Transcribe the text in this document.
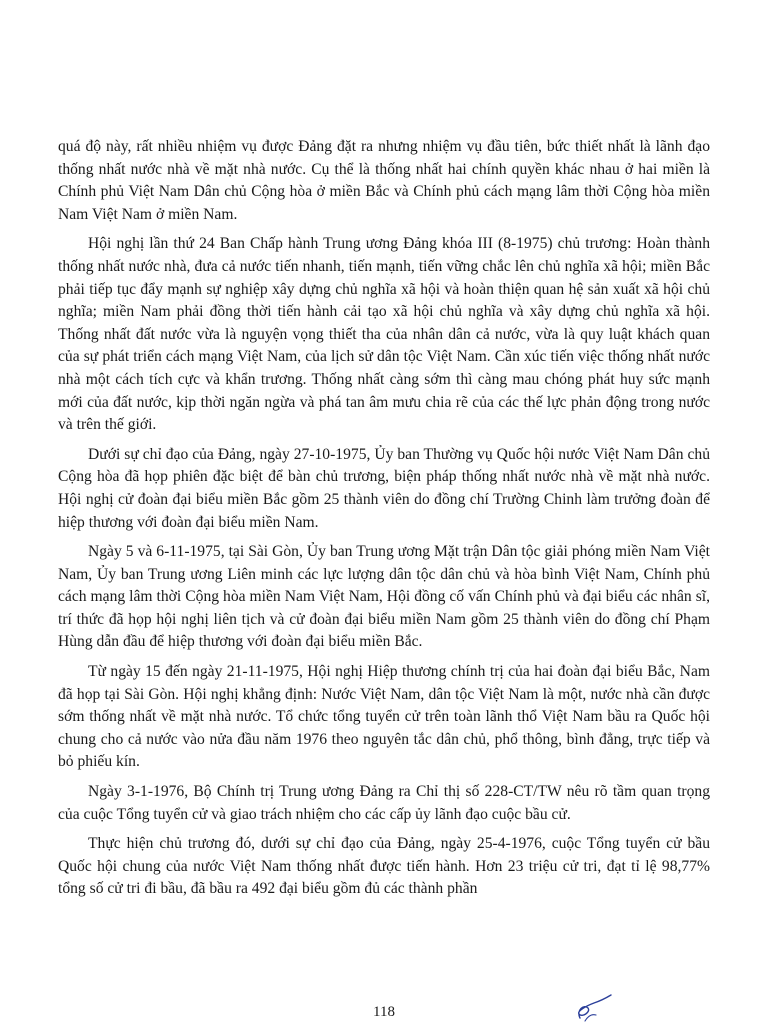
quá độ này, rất nhiều nhiệm vụ được Đảng đặt ra nhưng nhiệm vụ đầu tiên, bức thiết nhất là lãnh đạo thống nhất nước nhà về mặt nhà nước. Cụ thể là thống nhất hai chính quyền khác nhau ở hai miền là Chính phủ Việt Nam Dân chủ Cộng hòa ở miền Bắc và Chính phủ cách mạng lâm thời Cộng hòa miền Nam Việt Nam ở miền Nam.

Hội nghị lần thứ 24 Ban Chấp hành Trung ương Đảng khóa III (8-1975) chủ trương: Hoàn thành thống nhất nước nhà, đưa cả nước tiến nhanh, tiến mạnh, tiến vững chắc lên chủ nghĩa xã hội; miền Bắc phải tiếp tục đẩy mạnh sự nghiệp xây dựng chủ nghĩa xã hội và hoàn thiện quan hệ sản xuất xã hội chủ nghĩa; miền Nam phải đồng thời tiến hành cải tạo xã hội chủ nghĩa và xây dựng chủ nghĩa xã hội. Thống nhất đất nước vừa là nguyện vọng thiết tha của nhân dân cả nước, vừa là quy luật khách quan của sự phát triển cách mạng Việt Nam, của lịch sử dân tộc Việt Nam. Cần xúc tiến việc thống nhất nước nhà một cách tích cực và khẩn trương. Thống nhất càng sớm thì càng mau chóng phát huy sức mạnh mới của đất nước, kịp thời ngăn ngừa và phá tan âm mưu chia rẽ của các thế lực phản động trong nước và trên thế giới.

Dưới sự chỉ đạo của Đảng, ngày 27-10-1975, Ủy ban Thường vụ Quốc hội nước Việt Nam Dân chủ Cộng hòa đã họp phiên đặc biệt để bàn chủ trương, biện pháp thống nhất nước nhà về mặt nhà nước. Hội nghị cử đoàn đại biểu miền Bắc gồm 25 thành viên do đồng chí Trường Chinh làm trưởng đoàn để hiệp thương với đoàn đại biểu miền Nam.

Ngày 5 và 6-11-1975, tại Sài Gòn, Ủy ban Trung ương Mặt trận Dân tộc giải phóng miền Nam Việt Nam, Ủy ban Trung ương Liên minh các lực lượng dân tộc dân chủ và hòa bình Việt Nam, Chính phủ cách mạng lâm thời Cộng hòa miền Nam Việt Nam, Hội đồng cố vấn Chính phủ và đại biểu các nhân sĩ, trí thức đã họp hội nghị liên tịch và cử đoàn đại biểu miền Nam gồm 25 thành viên do đồng chí Phạm Hùng dẫn đầu để hiệp thương với đoàn đại biểu miền Bắc.

Từ ngày 15 đến ngày 21-11-1975, Hội nghị Hiệp thương chính trị của hai đoàn đại biểu Bắc, Nam đã họp tại Sài Gòn. Hội nghị khẳng định: Nước Việt Nam, dân tộc Việt Nam là một, nước nhà cần được sớm thống nhất về mặt nhà nước. Tổ chức tổng tuyển cử trên toàn lãnh thổ Việt Nam bầu ra Quốc hội chung cho cả nước vào nửa đầu năm 1976 theo nguyên tắc dân chủ, phổ thông, bình đẳng, trực tiếp và bỏ phiếu kín.

Ngày 3-1-1976, Bộ Chính trị Trung ương Đảng ra Chỉ thị số 228-CT/TW nêu rõ tầm quan trọng của cuộc Tổng tuyển cử và giao trách nhiệm cho các cấp ủy lãnh đạo cuộc bầu cử.

Thực hiện chủ trương đó, dưới sự chỉ đạo của Đảng, ngày 25-4-1976, cuộc Tổng tuyển cử bầu Quốc hội chung của nước Việt Nam thống nhất được tiến hành. Hơn 23 triệu cử tri, đạt tỉ lệ 98,77% tổng số cử tri đi bầu, đã bầu ra 492 đại biểu gồm đủ các thành phần

118
